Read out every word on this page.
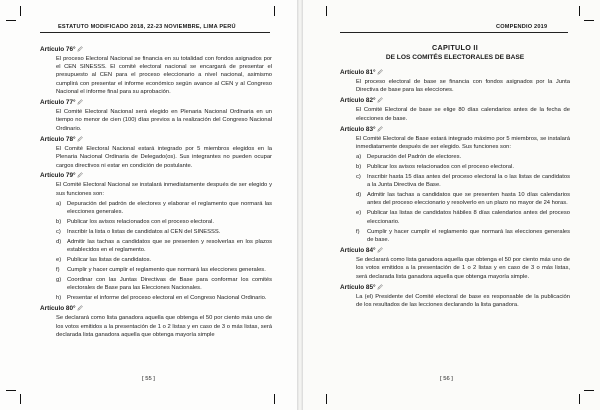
ESTATUTO MODIFICADO 2018, 22-23 NOVIEMBRE, LIMA PERÚ
Artículo 76° 🖉

El proceso Electoral Nacional se financia en su totalidad con fondos asignados por el CEN SINESSS. El comité electoral nacional se encargará de presentar el presupuesto al CEN para el proceso eleccionario a nivel nacional, asimismo cumplirá con presentar el informe económico según avance al CEN y al Congreso Nacional el informe final para su aprobación.

Artículo 77° 🖉

El Comité Electoral Nacional será elegido en Plenaria Nacional Ordinaria en un tiempo no menor de cien (100) días previos a la realización del Congreso Nacional Ordinario.

Artículo 78° 🖉

El Comité Electoral Nacional estará integrado por 5 miembros elegidos en la Plenaria Nacional Ordinaria de Delegado(os). Sus integrantes no pueden ocupar cargos directivos ni estar en condición de postulante.

Artículo 79° 🖉

El Comité Electoral Nacional se instalará inmediatamente después de ser elegido y sus funciones son:

a)	Depuración del padrón de electores y elaborar el reglamento que normará las elecciones generales.
b)	Publicar los avisos relacionados con el proceso electoral.
c)	Inscribir la lista o listas de candidatos al CEN del SINESSS.
d)	Admitir las tachas a candidatos que se presenten y resolverlas en los plazos establecidos en el reglamento.
e)	Publicar las listas de candidatos.
f)	Cumplir y hacer cumplir el reglamento que normará las elecciones generales.
g)	Coordinar con las Juntas Directivas de Base para conformar los comités electorales de Base para las Elecciones Nacionales.
h)	Presentar el informe del proceso electoral en el Congreso Nacional Ordinario.
Artículo 80° 🖉

Se declarará como lista ganadora aquella que obtenga el 50 por ciento más uno de los votos emitidos a la presentación de 1 o 2 listas y en caso de 3 o más listas, será declarada lista ganadora aquella que obtenga mayoría simple

[ 55 ]
COMPENDIO 2019
CAPITULO II
DE LOS COMITÉS ELECTORALES DE BASE
Artículo 81° 🖉

El proceso electoral de base se financia con fondos asignados por la Junta Directiva de base para las elecciones.

Artículo 82° 🖉

El Comité Electoral de base se elige 80 días calendarios antes de la fecha de elecciones de base.

Artículo 83° 🖉

El Comité Electoral de Base estará integrado máximo por 5 miembros, se instalará inmediatamente después de ser elegido. Sus funciones son:

a)	Depuración del Padrón de electores.
b)	Publicar los avisos relacionados con el proceso electoral.
c)	Inscribir hasta 15 días antes del proceso electoral la o las listas de candidatos a la Junta Directiva de Base.
d)	Admitir las tachas a candidatos que se presenten hasta 10 días calendarios antes del proceso eleccionario y resolverlo en un plazo no mayor de 24 horas.
e)	Publicar las listas de candidatos hábiles 8 días calendarios antes del proceso eleccionario.
f)	Cumplir y hacer cumplir el reglamento que normará las elecciones generales de base.
Artículo 84° 🖉

Se declarará como lista ganadora aquella que obtenga el 50 por ciento más uno de los votos emitidos a la presentación de 1 o 2 listas y en caso de 3 o más listas, será declarada lista ganadora aquella que obtenga mayoría simple.

Artículo 85° 🖉

La (el) Presidente del Comité electoral de base es responsable de la publicación de los resultados de las lecciones declarando la lista ganadora.

[ 56 ]
